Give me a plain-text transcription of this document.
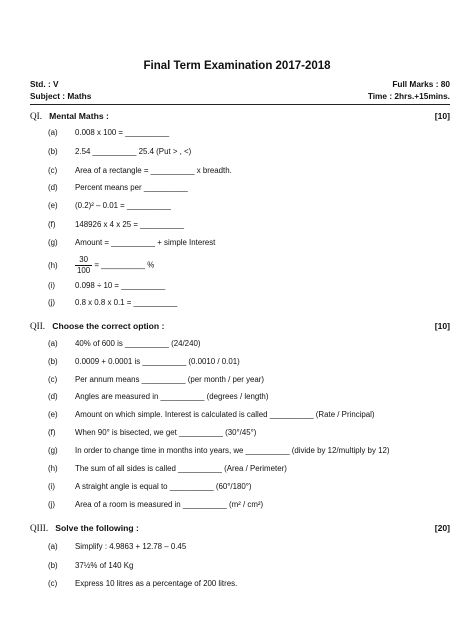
Final Term Examination 2017-2018
Std. : V	Full Marks : 80
Subject : Maths	Time : 2hrs.+15mins.
QI. Mental Maths :	[10]
(a) 0.008 x 100 = __________
(b) 2.54 __________ 25.4 (Put > , <)
(c) Area of a rectangle = __________ x breadth.
(d) Percent means per __________
(e) (0.2)² – 0.01 = __________
(f) 148926 x 4 x 25 = __________
(g) Amount = __________ + simple Interest
$(h) \frac{30}{100}$ = __________ %
(i)	0.098 ÷ 10 = __________
(j)	0.8 x 0.8 x 0.1 = __________
QII. Choose the correct option :	[10]
(a) 40% of 600 is __________ (24/240)
(b) 0.0009 + 0.0001 is __________ (0.0010 / 0.01)
(c) Per annum means __________ (per month / per year)
(d) Angles are measured in __________ (degrees / length)
(e) Amount on which simple. Interest is calculated is called __________ (Rate / Principal)
(f) When 90° is bisected, we get __________ (30°/45°)
(g) In order to change time in months into years, we __________ (divide by 12/multiply by 12)
(h) The sum of all sides is called __________ (Area / Perimeter)
(i)	A straight angle is equal to __________ (60°/180°)
(j)	Area of a room is measured in __________ (m² / cm²)
QIII. Solve the following :	[20]
(a) Simplify : 4.9863 + 12.78 – 0.45
(b) 37½% of 140 Kg
(c) Express 10 litres as a percentage of 200 litres.
